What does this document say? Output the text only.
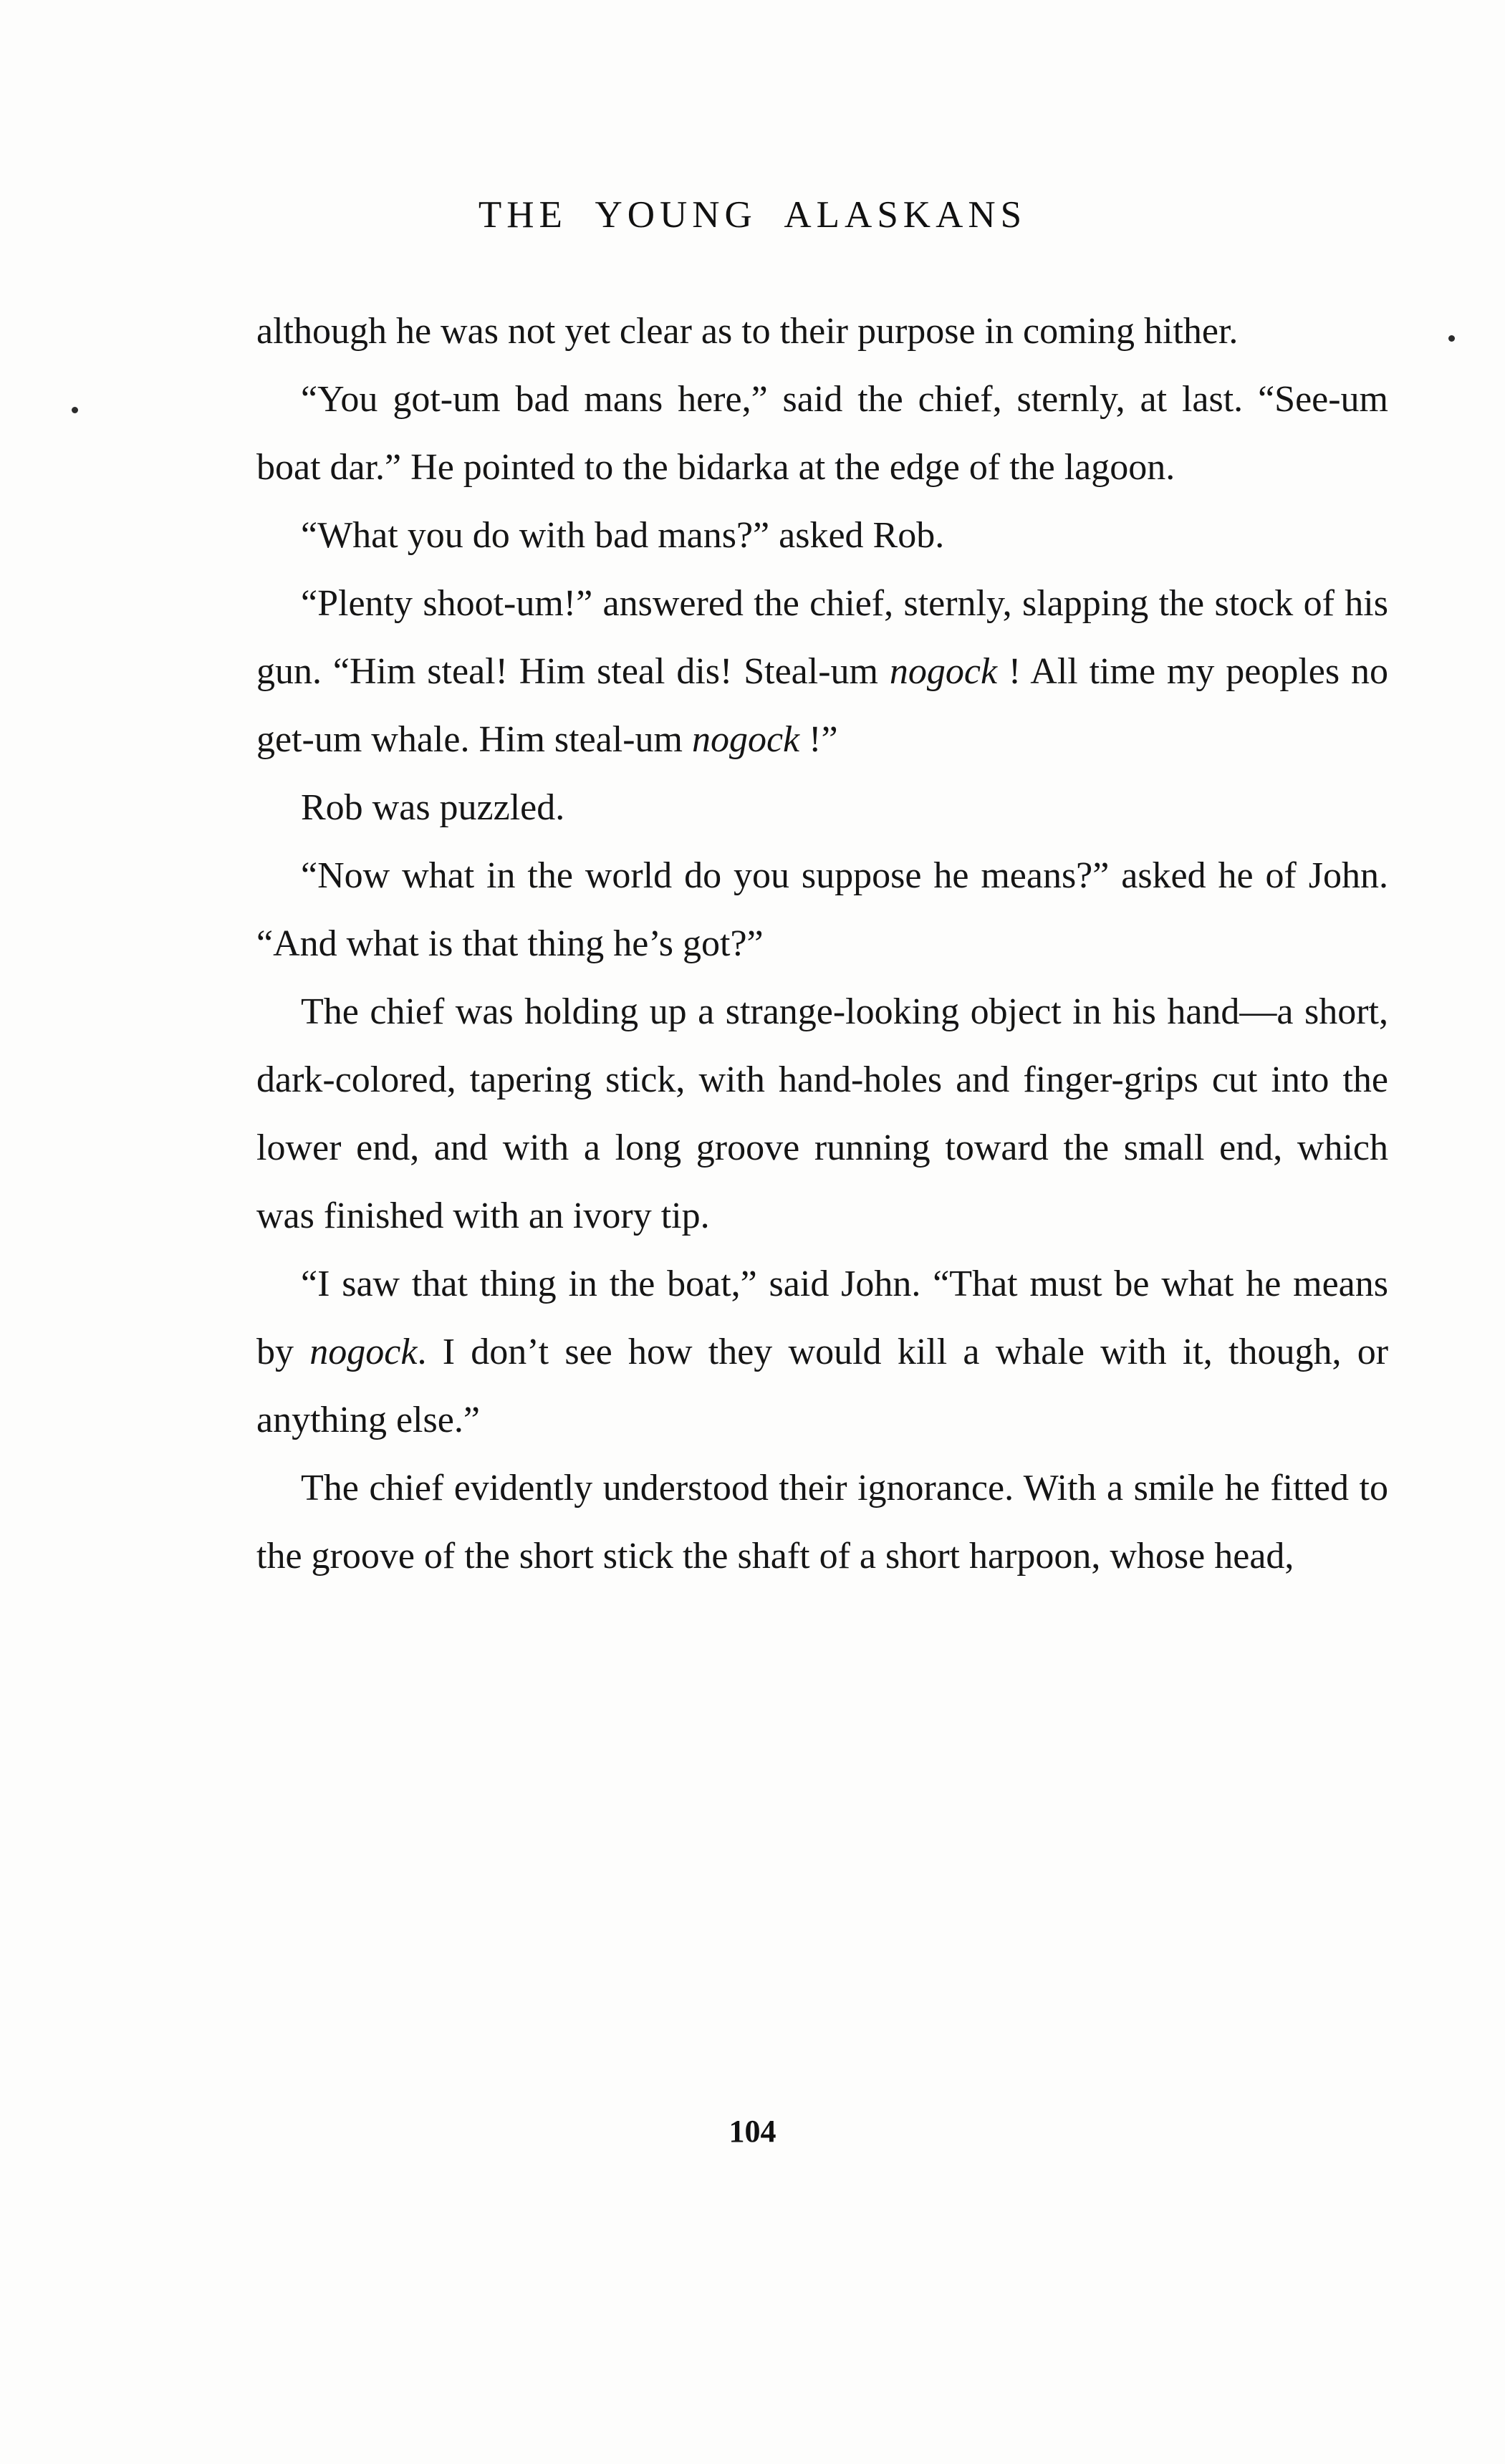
THE  YOUNG  ALASKANS

although he was not yet clear as to their purpose in coming hither.

“You got-um bad mans here,” said the chief, sternly, at last. “See-um boat dar.” He pointed to the bidarka at the edge of the lagoon.

“What you do with bad mans?” asked Rob.

“Plenty shoot-um!” answered the chief, sternly, slapping the stock of his gun. “Him steal! Him steal dis! Steal-um nogock ! All time my peoples no get-um whale. Him steal-um nogock !”

Rob was puzzled.

“Now what in the world do you suppose he means?” asked he of John. “And what is that thing he’s got?”

The chief was holding up a strange-looking object in his hand—a short, dark-colored, tapering stick, with hand-holes and finger-grips cut into the lower end, and with a long groove running toward the small end, which was finished with an ivory tip.

“I saw that thing in the boat,” said John. “That must be what he means by nogock. I don’t see how they would kill a whale with it, though, or anything else.”

The chief evidently understood their ignorance. With a smile he fitted to the groove of the short stick the shaft of a short harpoon, whose head,

104
